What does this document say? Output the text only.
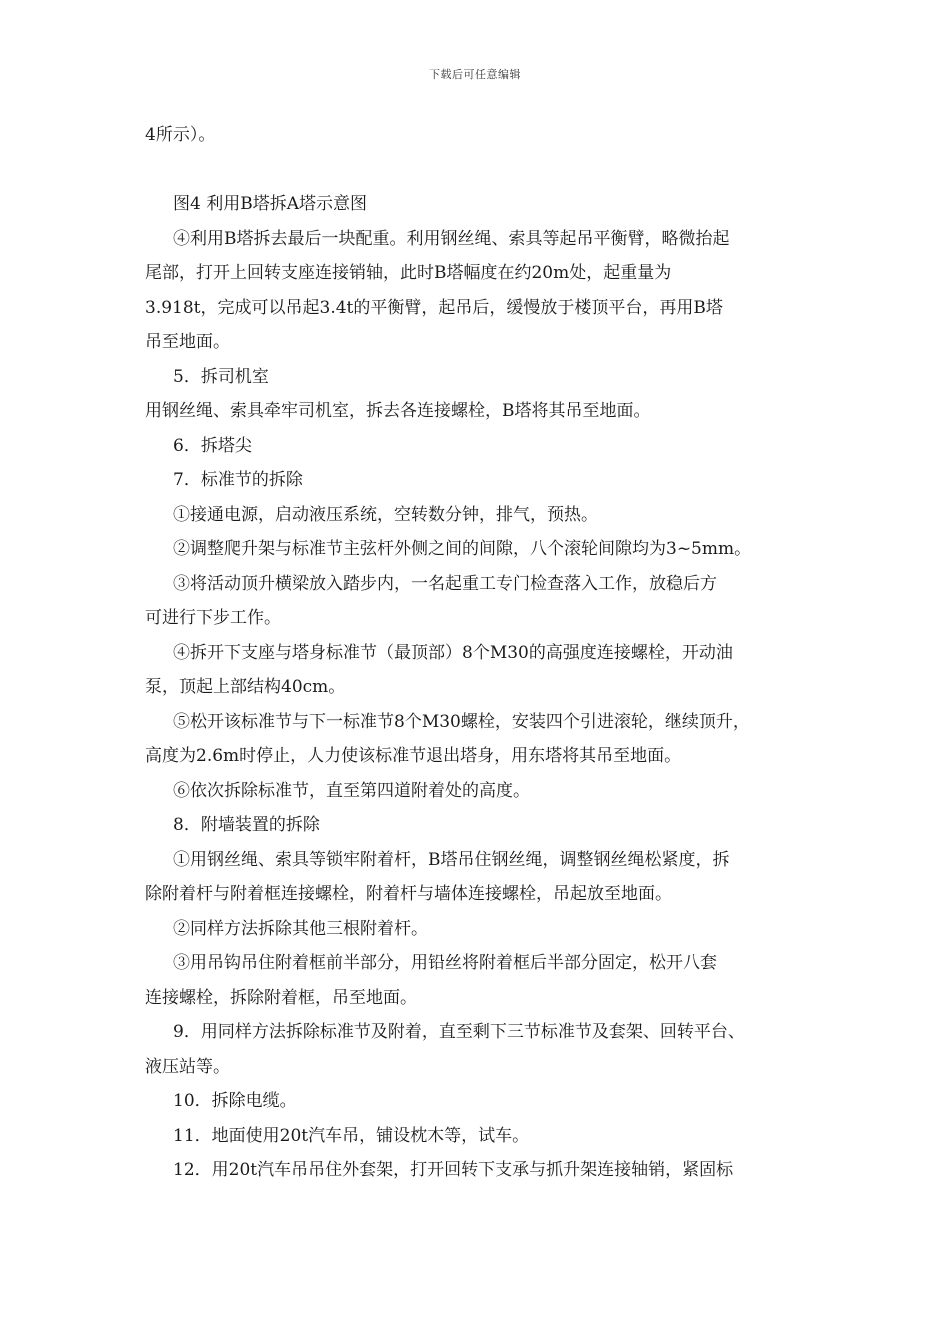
下载后可任意编辑
4所示）。
图4 利用B塔拆A塔示意图
④利用B塔拆去最后一块配重。利用钢丝绳、索具等起吊平衡臂，略微抬起
尾部，打开上回转支座连接销轴，此时B塔幅度在约20m处，起重量为
3.918t，完成可以吊起3.4t的平衡臂，起吊后，缓慢放于楼顶平台，再用B塔
吊至地面。
5．拆司机室
用钢丝绳、索具牵牢司机室，拆去各连接螺栓，B塔将其吊至地面。
6．拆塔尖
7．标准节的拆除
①接通电源，启动液压系统，空转数分钟，排气，预热。
②调整爬升架与标准节主弦杆外侧之间的间隙，八个滚轮间隙均为3~5mm。
③将活动顶升横梁放入踏步内，一名起重工专门检查落入工作，放稳后方
可进行下步工作。
④拆开下支座与塔身标准节（最顶部）8个M30的高强度连接螺栓，开动油
泵，顶起上部结构40cm。
⑤松开该标准节与下一标准节8个M30螺栓，安装四个引进滚轮，继续顶升，
高度为2.6m时停止，人力使该标准节退出塔身，用东塔将其吊至地面。
⑥依次拆除标准节，直至第四道附着处的高度。
8．附墙装置的拆除
①用钢丝绳、索具等锁牢附着杆，B塔吊住钢丝绳，调整钢丝绳松紧度，拆
除附着杆与附着框连接螺栓，附着杆与墙体连接螺栓，吊起放至地面。
②同样方法拆除其他三根附着杆。
③用吊钩吊住附着框前半部分，用铅丝将附着框后半部分固定，松开八套
连接螺栓，拆除附着框，吊至地面。
9．用同样方法拆除标准节及附着，直至剩下三节标准节及套架、回转平台、
液压站等。
10．拆除电缆。
11．地面使用20t汽车吊，铺设枕木等，试车。
12．用20t汽车吊吊住外套架，打开回转下支承与抓升架连接轴销，紧固标
